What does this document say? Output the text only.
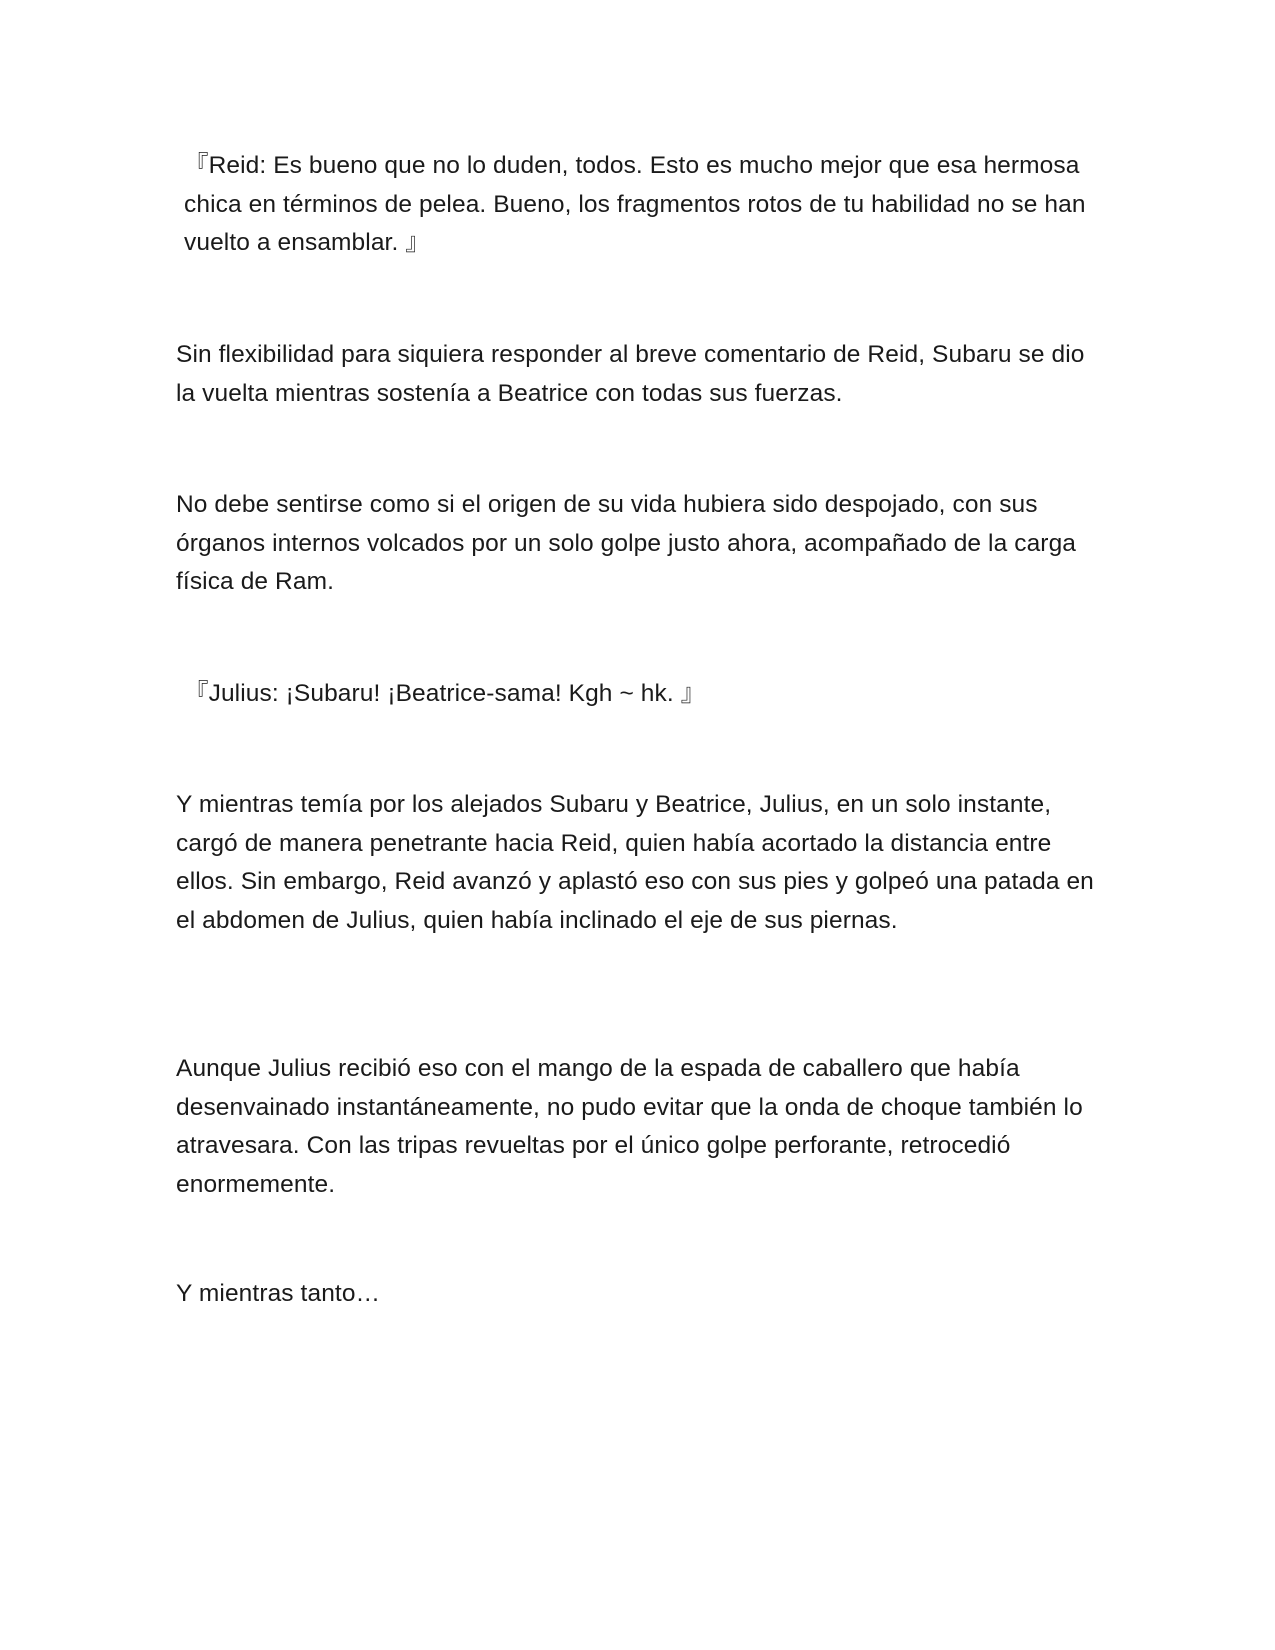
『Reid: Es bueno que no lo duden, todos. Esto es mucho mejor que esa hermosa chica en términos de pelea. Bueno, los fragmentos rotos de tu habilidad no se han vuelto a ensamblar. 』

Sin flexibilidad para siquiera responder al breve comentario de Reid, Subaru se dio la vuelta mientras sostenía a Beatrice con todas sus fuerzas.

No debe sentirse como si el origen de su vida hubiera sido despojado, con sus órganos internos volcados por un solo golpe justo ahora, acompañado de la carga física de Ram.

『Julius: ¡Subaru! ¡Beatrice-sama! Kgh ~ hk. 』

Y mientras temía por los alejados Subaru y Beatrice, Julius, en un solo instante, cargó de manera penetrante hacia Reid, quien había acortado la distancia entre ellos. Sin embargo, Reid avanzó y aplastó eso con sus pies y golpeó una patada en el abdomen de Julius, quien había inclinado el eje de sus piernas.

Aunque Julius recibió eso con el mango de la espada de caballero que había desenvainado instantáneamente, no pudo evitar que la onda de choque también lo atravesara. Con las tripas revueltas por el único golpe perforante, retrocedió enormemente.

Y mientras tanto…
